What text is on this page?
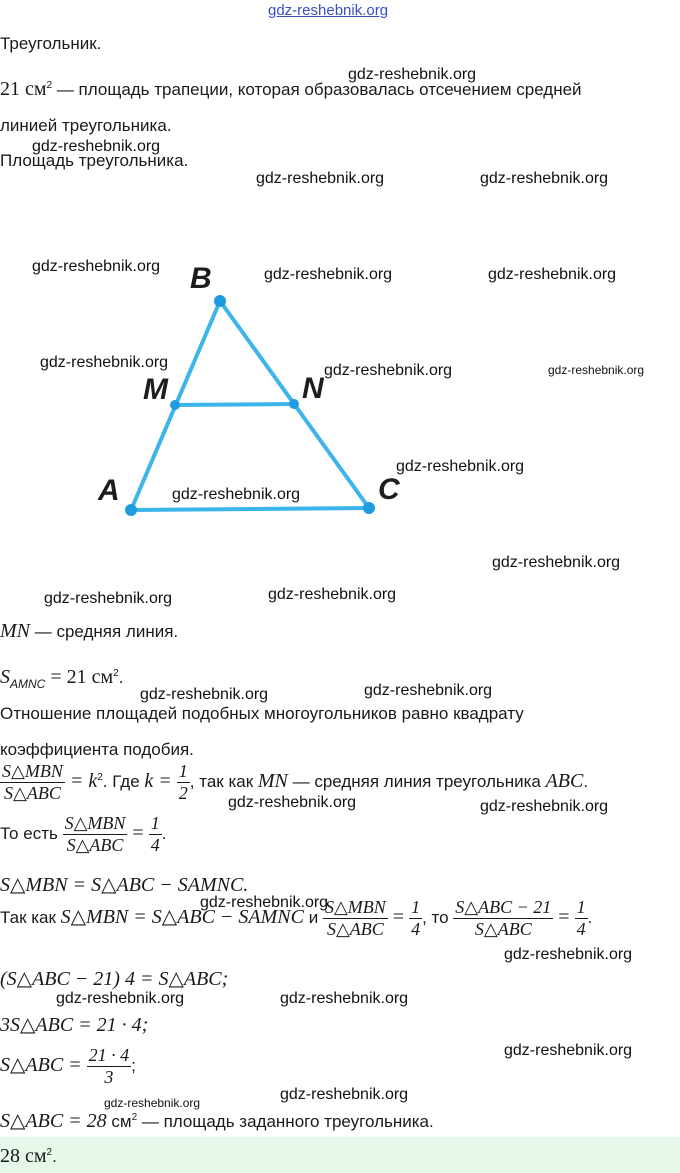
gdz-reshebnik.org
Треугольник.
21 $см^2$ — площадь трапеции, которая образовалась отсечением средней
линией треугольника.
Площадь треугольника.
B
M	N
A	C
MN — средняя линия.
$S_{AMNC} = 21$ $см^2$.
Отношение площадей подобных многоугольников равно квадрату
коэффициента подобия.
$\frac{\text{S△MBN}}{\text{S△ABC}} = k^2$. Где $k = \frac{1}{2}$ , так как MN — средняя линия треугольника ABC.
То есть $\frac{\text{S△MBN}}{\text{S△ABC}} = \frac{1}{4}$ .
S△MBN = S△ABC − SAMNC.
Так как S△MBN = S△ABC − SAMNC и $\frac{\text{S△MBN}}{\text{S△ABC}} = \frac{1}{4}$ , то $\frac{\text{S△ABC − 21}}{\text{S△ABC}} = \frac{1}{4}$ .
(S△ABC − 21) 4 = S△ABC;
3S△ABC = 21 · 4;
S△ABC = $\frac{21 \cdot 4}{3}$ ;
S△ABC = 28 $см^2$ — площадь заданного треугольника.
28 $см^2$.
gdz-reshebnik.org
gdz-reshebnik.org
gdz-reshebnik.org	gdz-reshebnik.org
gdz-reshebnik.org	gdz-reshebnik.org	gdz-reshebnik.org
gdz-reshebnik.org	gdz-reshebnik.org	gdz-reshebnik.org
gdz-reshebnik.org
gdz-reshebnik.org
gdz-reshebnik.org
gdz-reshebnik.org	gdz-reshebnik.org
gdz-reshebnik.org	gdz-reshebnik.org
gdz-reshebnik.org	gdz-reshebnik.org
gdz-reshebnik.org
gdz-reshebnik.org
gdz-reshebnik.org	gdz-reshebnik.org
gdz-reshebnik.org
gdz-reshebnik.org	gdz-reshebnik.org
